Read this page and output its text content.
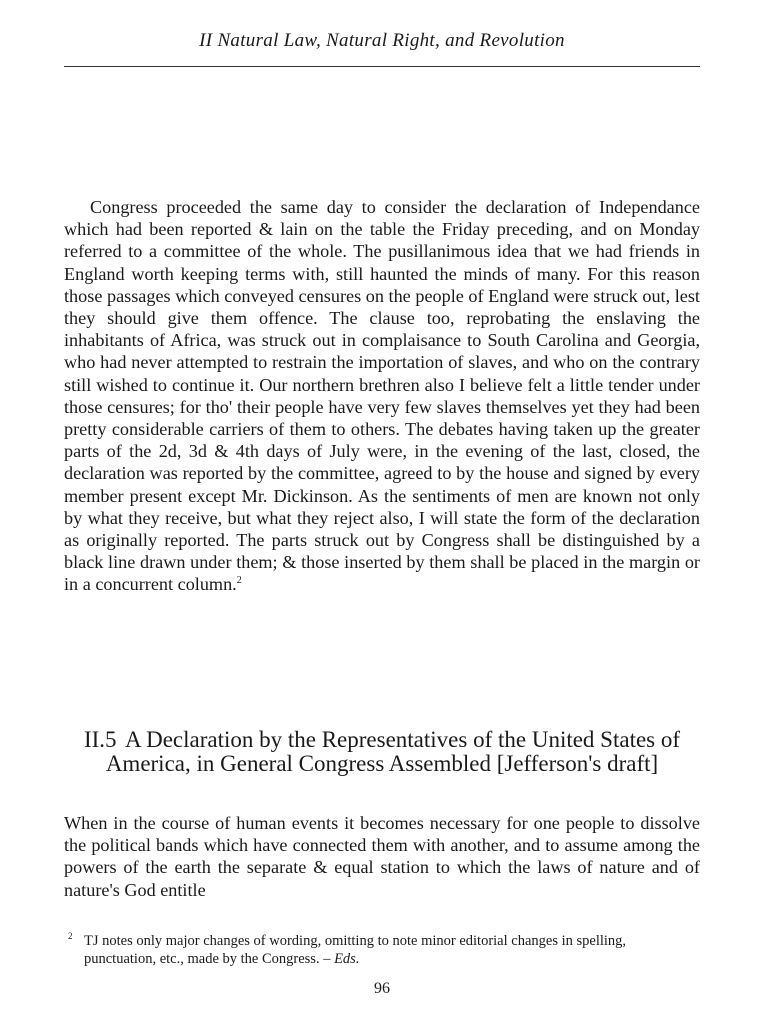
II Natural Law, Natural Right, and Revolution

Congress proceeded the same day to consider the declaration of Independance which had been reported & lain on the table the Friday preceding, and on Monday referred to a committee of the whole. The pusillanimous idea that we had friends in England worth keeping terms with, still haunted the minds of many. For this reason those passages which conveyed censures on the people of England were struck out, lest they should give them offence. The clause too, reprobating the enslaving the inhabitants of Africa, was struck out in complaisance to South Carolina and Georgia, who had never attempted to restrain the importation of slaves, and who on the contrary still wished to continue it. Our northern brethren also I believe felt a little tender under those censures; for tho' their people have very few slaves themselves yet they had been pretty considerable carriers of them to others. The debates having taken up the greater parts of the 2d, 3d & 4th days of July were, in the evening of the last, closed, the declaration was reported by the committee, agreed to by the house and signed by every member present except Mr. Dickinson. As the sentiments of men are known not only by what they receive, but what they reject also, I will state the form of the declaration as originally reported. The parts struck out by Congress shall be distinguished by a black line drawn under them; & those inserted by them shall be placed in the margin or in a concurrent column.$^2$

II.5 A Declaration by the Representatives of the United States of America, in General Congress Assembled [Jefferson's draft]

When in the course of human events it becomes necessary for one people to dissolve the political bands which have connected them with another, and to assume among the powers of the earth the separate & equal station to which the laws of nature and of nature's God entitle

2 TJ notes only major changes of wording, omitting to note minor editorial changes in spelling, punctuation, etc., made by the Congress. – Eds.

96
